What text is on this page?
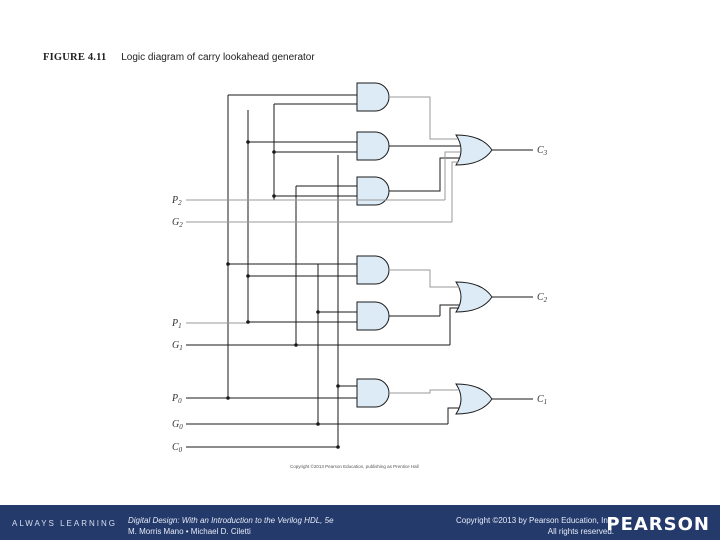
FIGURE 4.11 Logic diagram of carry lookahead generator
$P_2$
$G_2$
$P_1$
$G_1$
$P_0$
$G_0$
$C_0$
$C_3$
$C_2$
$C_1$
Copyright ©2013 Pearson Education, publishing as Prentice Hall
ALWAYS LEARNING Digital Design: With an Introduction to the Verilog HDL, 5e
M. Morris Mano • Michael D. Ciletti
Copyright ©2013 by Pearson Education, Inc.
All rights reserved.
PEARSON
